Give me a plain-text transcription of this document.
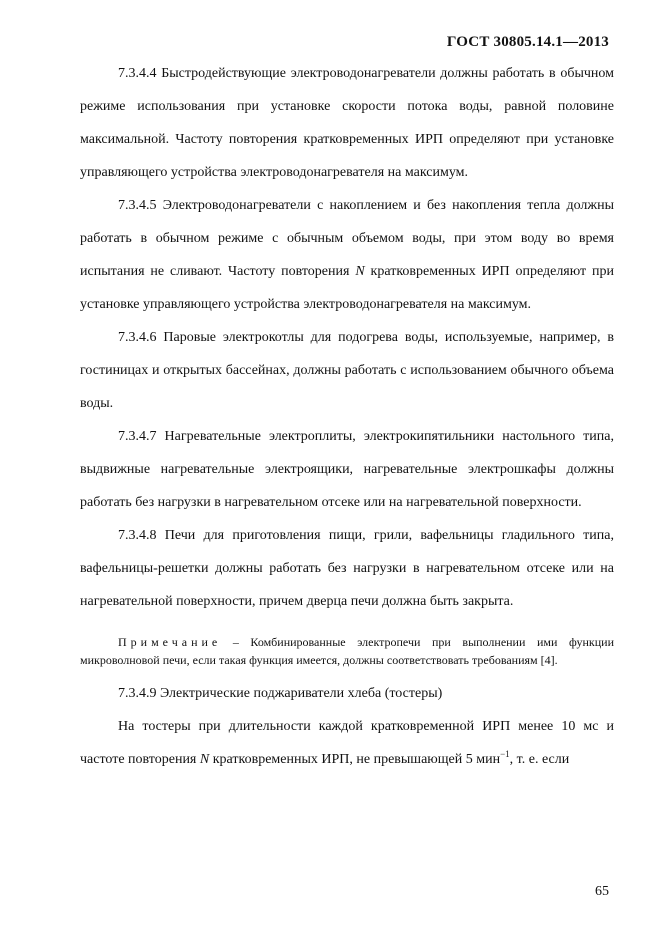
ГОСТ 30805.14.1—2013

7.3.4.4 Быстродействующие электроводонагреватели должны работать в обычном режиме использования при установке скорости потока воды, равной половине максимальной. Частоту повторения кратковременных ИРП определяют при установке управляющего устройства электроводонагревателя на максимум.

7.3.4.5 Электроводонагреватели с накоплением и без накопления тепла должны работать в обычном режиме с обычным объемом воды, при этом воду во время испытания не сливают. Частоту повторения N кратковременных ИРП определяют при установке управляющего устройства электроводонагревателя на максимум.

7.3.4.6 Паровые электрокотлы для подогрева воды, используемые, например, в гостиницах и открытых бассейнах, должны работать с использованием обычного объема воды.

7.3.4.7 Нагревательные электроплиты, электрокипятильники настольного типа, выдвижные нагревательные электроящики, нагревательные электрошкафы должны работать без нагрузки в нагревательном отсеке или на нагревательной поверхности.

7.3.4.8 Печи для приготовления пищи, грили, вафельницы гладильного типа, вафельницы-решетки должны работать без нагрузки в нагревательном отсеке или на нагревательной поверхности, причем дверца печи должна быть закрыта.

Примечание – Комбинированные электропечи при выполнении ими функции микроволновой печи, если такая функция имеется, должны соответствовать требованиям [4].

7.3.4.9 Электрические поджариватели хлеба (тостеры)

На тостеры при длительности каждой кратковременной ИРП менее 10 мс и частоте повторения N кратковременных ИРП, не превышающей 5 мин$^{-1}$, т. е. если

65
